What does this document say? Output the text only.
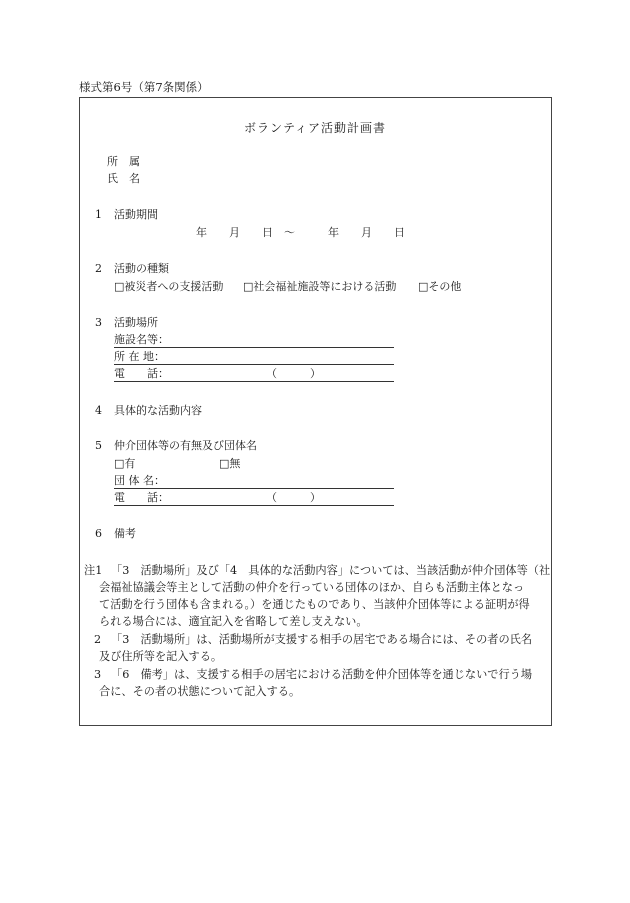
様式第6号（第7条関係）
ボランティア活動計画書
所　属
氏　名
1 活動期間
年　　月　　日　～　　　年　　月　　日
2 活動の種類
□被災者への支援活動 □社会福祉施設等における活動 □その他
3 活動場所
施設名等：
所 在 地：
電　　話：	（　　　）
4 具体的な活動内容
5 仲介団体等の有無及び団体名
□有	□無
団 体 名：
電　　話：	（　　　）
6 備考
注1 「3　活動場所」及び「4　具体的な活動内容」については、当該活動が仲介団体等（社
会福祉協議会等主として活動の仲介を行っている団体のほか、自らも活動主体となっ
て活動を行う団体も含まれる。）を通じたものであり、当該仲介団体等による証明が得
られる場合には、適宜記入を省略して差し支えない。
2 「3　活動場所」は、活動場所が支援する相手の居宅である場合には、その者の氏名
及び住所等を記入する。
3 「6　備考」は、支援する相手の居宅における活動を仲介団体等を通じないで行う場
合に、その者の状態について記入する。
